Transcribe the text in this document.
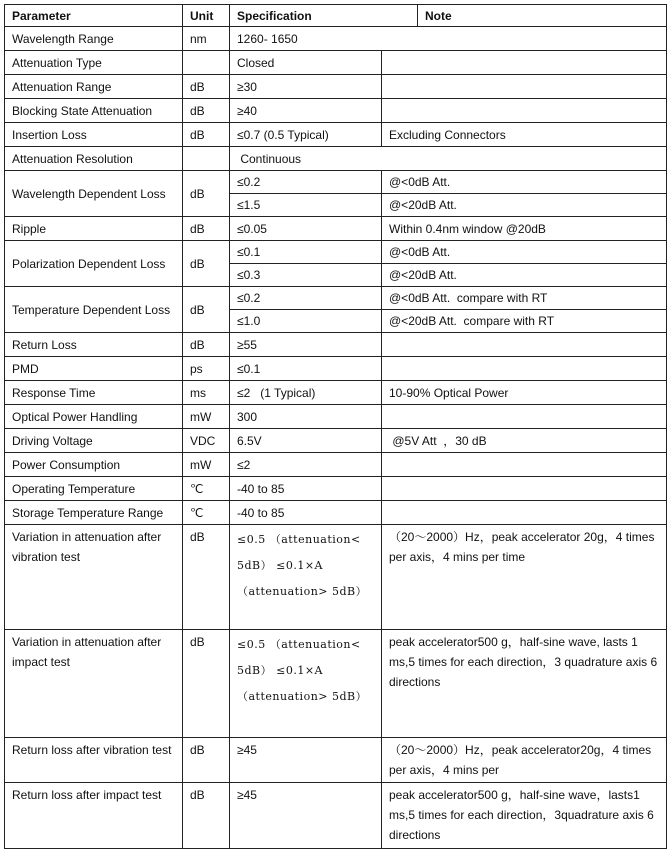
Parameter	Unit	Specification		Note
Wavelength Range	nm	1260- 1650		
Attenuation Type		Closed		
Attenuation Range	dB	≥30		
Blocking State Attenuation	dB	≥40		
Insertion Loss	dB	≤0.7 (0.5 Typical)	Excluding Connectors	
Attenuation Resolution		Continuous		
Wavelength Dependent Loss	dB	≤0.2	@<0dB Att.	
		≤1.5	@<20dB Att.	
Ripple	dB	≤0.05	Within 0.4nm window @20dB	
Polarization Dependent Loss	dB	≤0.1	@<0dB Att.	
		≤0.3	@<20dB Att.	
Temperature Dependent Loss	dB	≤0.2	@<0dB Att.  compare with RT	
		≤1.0	@<20dB Att.  compare with RT	
Return Loss	dB	≥55		
PMD	ps	≤0.1		
Response Time	ms	≤2   (1 Typical)	10-90% Optical Power	
Optical Power Handling	mW	300		
Driving Voltage	VDC	6.5V	@5V Att  ，30 dB	
Power Consumption	mW	≤2		
Operating Temperature	℃	-40 to 85		
Storage Temperature Range	℃	-40 to 85		
Variation in attenuation after vibration test	dB	≤0.5 （attenuation< 5dB） ≤0.1×A（attenuation> 5dB）	（20～2000）Hz，peak accelerator 20g，4 times per axis，4 mins per time	
Variation in attenuation after impact test	dB	≤0.5 （attenuation< 5dB） ≤0.1×A（attenuation> 5dB）	peak accelerator500 g，half-sine wave, lasts 1 ms,5 times for each direction，3 quadrature axis 6 directions	
Return loss after vibration test	dB	≥45	（20～2000）Hz，peak accelerator20g，4 times per axis，4 mins per	
Return loss after impact test	dB	≥45	peak accelerator500 g，half-sine wave，lasts1 ms,5 times for each direction，3quadrature axis 6 directions	
